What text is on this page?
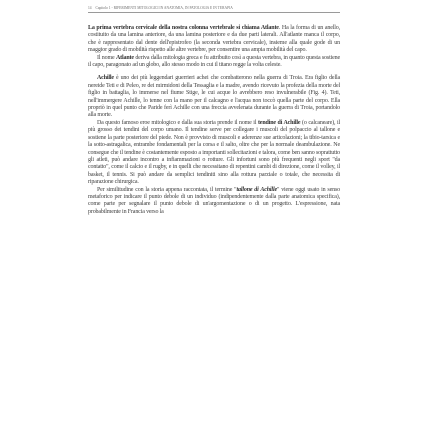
14 Capitolo 1 - RIFERIMENTI MITOLOGICI IN ANATOMIA, IN PATOLOGIA E IN TERAPIA

La prima vertebra cervicale della nostra colonna vertebrale si chiama Atlante. Ha la forma di un anello, costituito da una lamina anteriore, da una lamina posteriore e da due parti laterali. All'atlante manca il corpo, che è rappresentato dal dente dell'epistrofeo (la seconda vertebra cervicale), insieme alla quale gode di un maggior grado di mobilità rispetto alle altre vertebre, per consentire una ampia mobilità del capo.

Il nome Atlante deriva dalla mitologia greca e fu attribuito così a questa vertebra, in quanto questa sostiene il capo, paragonato ad un globo, allo stesso modo in cui il titano regge la volta celeste.

Achille è uno dei più leggendari guerrieri achei che combatterono nella guerra di Troia. Era figlio della nereide Teti e di Peleo, re dei mirmidoni della Tessaglia e la madre, avendo ricevuto la profezia della morte del figlio in battaglia, lo immerse nel fiume Stige, le cui acque lo avrebbero reso invulnerabile (Fig. 4). Teti, nell'immergere Achille, lo tenne con la mano per il calcagno e l'acqua non toccò quella parte del corpo. Ella propriò in quel punto che Paride ferì Achille con una freccia avvelenata durante la guerra di Troia, portandolo alla morte.

Da questo famoso eroe mitologico e dalla sua storia prende il nome il tendine di Achille (o calcaneare), il più grosso dei tendini del corpo umano. Il tendine serve per collegare i muscoli del polpaccio al tallone e sostiene la parte posteriore del piede. Non è provvisto di muscoli e aderenze sue articolazioni; la tibio-tarsica e la sotto-astragalica, entrambe fondamentali per la corsa e il salto, oltre che per la normale deambulazione. Ne consegue che il tendine è costantemente esposto a importanti sollecitazioni e talora, come ben sanno soprattutto gli atleti, può andare incontro a infiammazioni o rotture. Gli infortuni sono più frequenti negli sport "da contatto", come il calcio e il rugby, e in quelli che necessitano di repentini cambi di direzione, come il volley, il basket, il tennis. Si può andare da semplici tendiniti sino alla rottura parziale o totale, che necessita di riparazione chirurgica.

Per similitudine con la storia appena raccontata, il termine "tallone di Achille" viene oggi usato in senso metaforico per indicare il punto debole di un individuo (indipendentemente dalla parte anatomica specifica), come parte per segnalare il punto debole di un'argomentazione o di un progetto. L'espressione, nata probabilmente in Francia verso la
